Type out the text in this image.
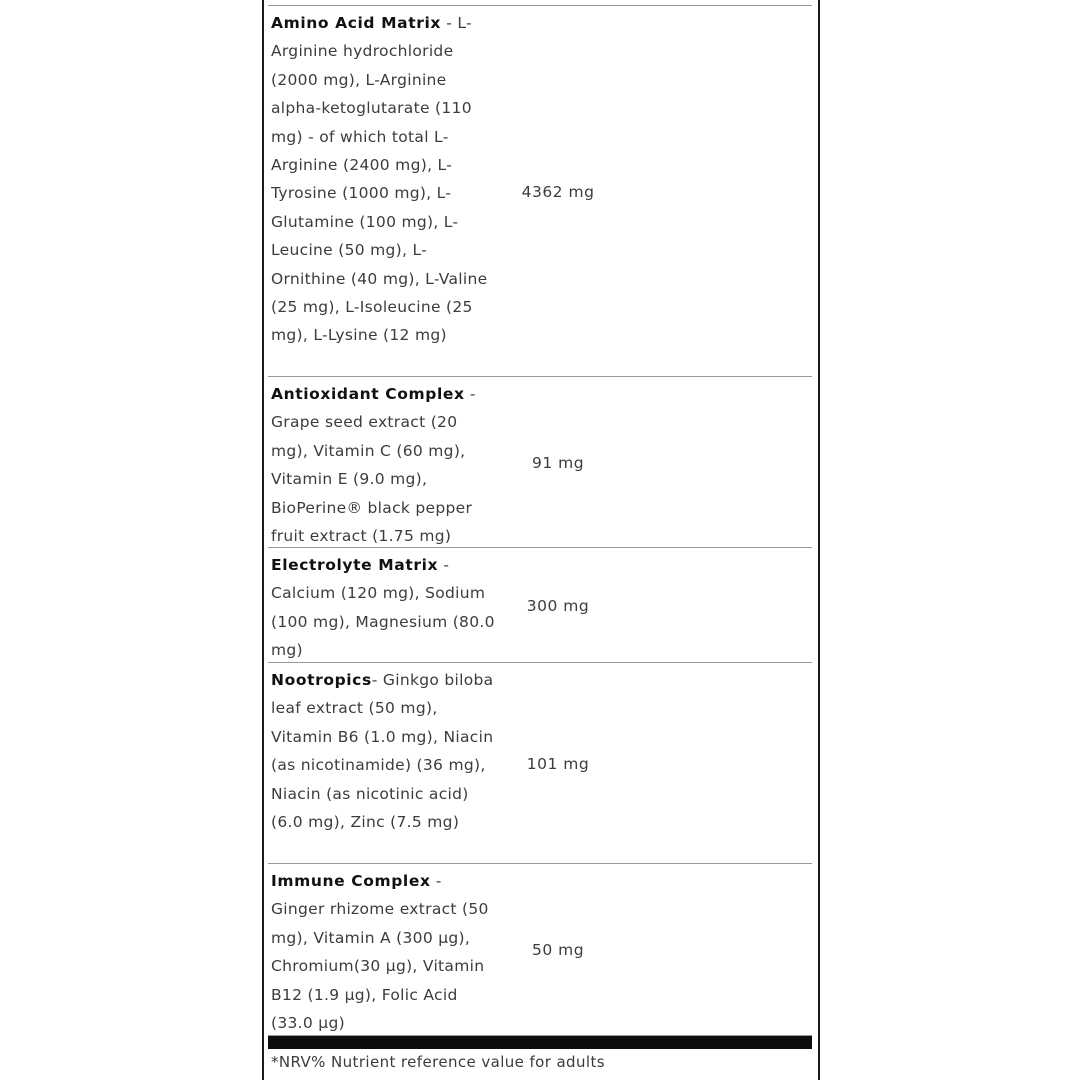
Amino Acid Matrix - L-Arginine hydrochloride (2000 mg), L-Arginine alpha-ketoglutarate (110 mg) - of which total L-Arginine (2400 mg), L-Tyrosine (1000 mg), L-Glutamine (100 mg), L-Leucine (50 mg), L-Ornithine (40 mg), L-Valine (25 mg), L-Isoleucine (25 mg), L-Lysine (12 mg)
4362 mg
Antioxidant Complex - Grape seed extract (20 mg), Vitamin C (60 mg), Vitamin E (9.0 mg), BioPerine® black pepper fruit extract (1.75 mg)
91 mg
Electrolyte Matrix - Calcium (120 mg), Sodium (100 mg), Magnesium (80.0 mg)
300 mg
Nootropics- Ginkgo biloba leaf extract (50 mg), Vitamin B6 (1.0 mg), Niacin (as nicotinamide) (36 mg), Niacin (as nicotinic acid) (6.0 mg), Zinc (7.5 mg)
101 mg
Immune Complex - Ginger rhizome extract (50 mg), Vitamin A (300 µg), Chromium(30 µg), Vitamin B12 (1.9 µg), Folic Acid (33.0 µg)
50 mg
*NRV% Nutrient reference value for adults
